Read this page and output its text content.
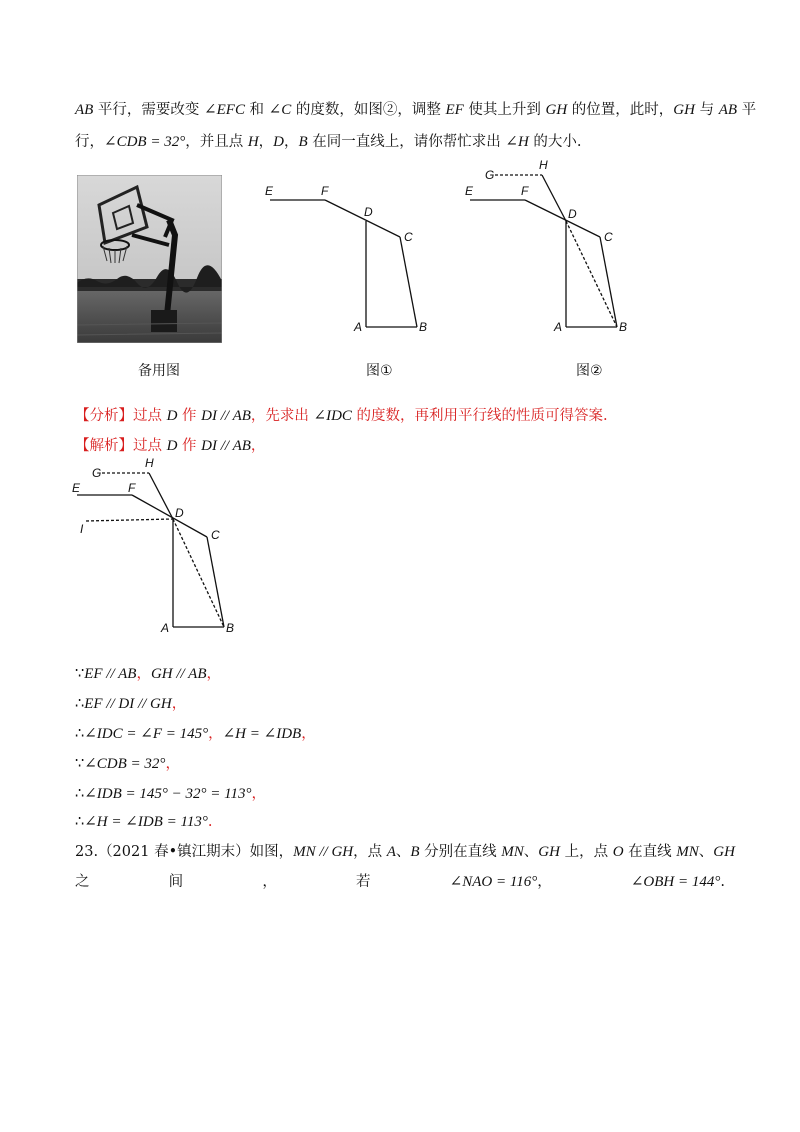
AB 平行，需要改变 ∠EFC 和 ∠C 的度数，如图②，调整 EF 使其上升到 GH 的位置，此时，GH 与 AB 平
行，∠CDB = 32°，并且点 H，D，B 在同一直线上，请你帮忙求出 ∠H 的大小.
备用图
E	F
D
C
A	B
图①
G
H
E	F
D
C
A	B
图②
【分析】过点 D 作 DI // AB，先求出 ∠IDC 的度数，再利用平行线的性质可得答案.
【解析】过点 D 作 DI // AB，
G
H
E	F
I
D
C
A	B
∵EF // AB，GH // AB，
∴EF // DI // GH，
∴∠IDC = ∠F = 145°，∠H = ∠IDB，
∵∠CDB = 32°，
∴∠IDB = 145° − 32° = 113°，
∴∠H = ∠IDB = 113°.
23.（2021 春•镇江期末）如图，MN // GH，点 A、B 分别在直线 MN、GH 上，点 O 在直线 MN、GH
之	间	，	若	∠NAO = 116°，	∠OBH = 144°.
